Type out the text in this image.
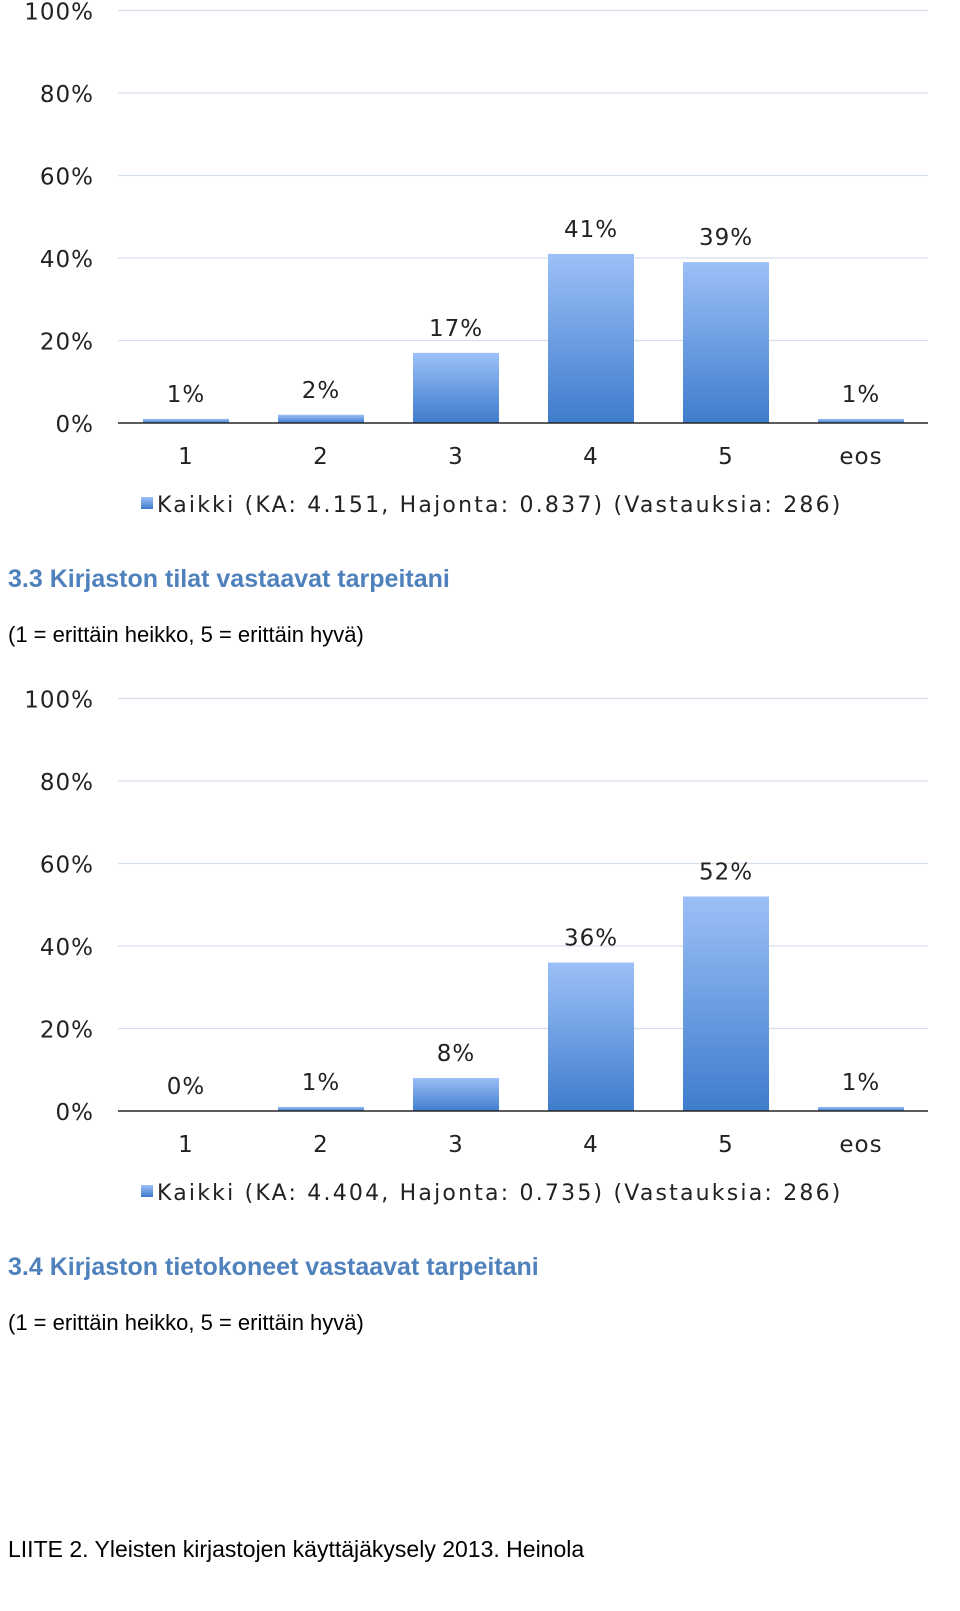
0%
20%
40%
60%
80%
100%
1%
1
2%
2
17%
3
41%
4
39%
5
1%
eos
Kaikki (KA: 4.151, Hajonta: 0.837) (Vastauksia: 286)
3.3 Kirjaston tilat vastaavat tarpeitani

(1 = erittäin heikko, 5 = erittäin hyvä)

0%
20%
40%
60%
80%
100%
0%
1
1%
2
8%
3
36%
4
52%
5
1%
eos
Kaikki (KA: 4.404, Hajonta: 0.735) (Vastauksia: 286)
3.4 Kirjaston tietokoneet vastaavat tarpeitani

(1 = erittäin heikko, 5 = erittäin hyvä)

LIITE 2. Yleisten kirjastojen käyttäjäkysely 2013. Heinola
